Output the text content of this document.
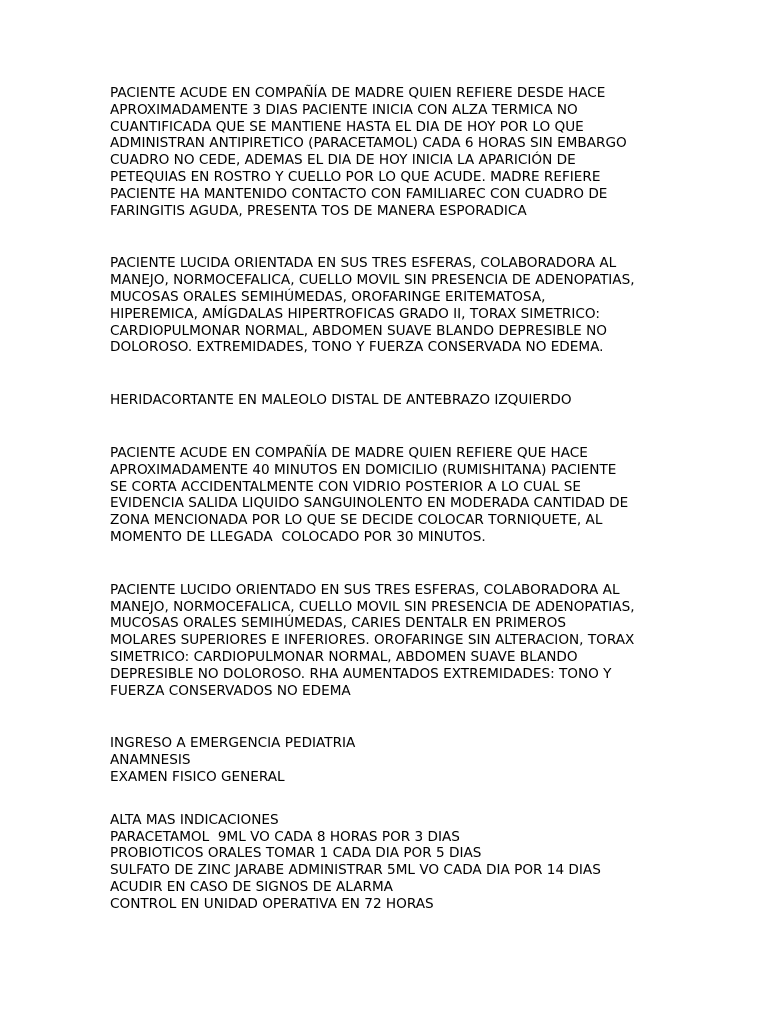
PACIENTE ACUDE EN COMPAÑÍA DE MADRE QUIEN REFIERE DESDE HACE
APROXIMADAMENTE 3 DIAS PACIENTE INICIA CON ALZA TERMICA NO
CUANTIFICADA QUE SE MANTIENE HASTA EL DIA DE HOY POR LO QUE
ADMINISTRAN ANTIPIRETICO (PARACETAMOL) CADA 6 HORAS SIN EMBARGO
CUADRO NO CEDE, ADEMAS EL DIA DE HOY INICIA LA APARICIÓN DE
PETEQUIAS EN ROSTRO Y CUELLO POR LO QUE ACUDE. MADRE REFIERE
PACIENTE HA MANTENIDO CONTACTO CON FAMILIAREC CON CUADRO DE
FARINGITIS AGUDA, PRESENTA TOS DE MANERA ESPORADICA
PACIENTE LUCIDA ORIENTADA EN SUS TRES ESFERAS, COLABORADORA AL
MANEJO, NORMOCEFALICA, CUELLO MOVIL SIN PRESENCIA DE ADENOPATIAS,
MUCOSAS ORALES SEMIHÚMEDAS, OROFARINGE ERITEMATOSA,
HIPEREMICA, AMÍGDALAS HIPERTROFICAS GRADO II, TORAX SIMETRICO:
CARDIOPULMONAR NORMAL, ABDOMEN SUAVE BLANDO DEPRESIBLE NO
DOLOROSO. EXTREMIDADES, TONO Y FUERZA CONSERVADA NO EDEMA.
HERIDACORTANTE EN MALEOLO DISTAL DE ANTEBRAZO IZQUIERDO
PACIENTE ACUDE EN COMPAÑÍA DE MADRE QUIEN REFIERE QUE HACE
APROXIMADAMENTE 40 MINUTOS EN DOMICILIO (RUMISHITANA) PACIENTE
SE CORTA ACCIDENTALMENTE CON VIDRIO POSTERIOR A LO CUAL SE
EVIDENCIA SALIDA LIQUIDO SANGUINOLENTO EN MODERADA CANTIDAD DE
ZONA MENCIONADA POR LO QUE SE DECIDE COLOCAR TORNIQUETE, AL
MOMENTO DE LLEGADA  COLOCADO POR 30 MINUTOS.
PACIENTE LUCIDO ORIENTADO EN SUS TRES ESFERAS, COLABORADORA AL
MANEJO, NORMOCEFALICA, CUELLO MOVIL SIN PRESENCIA DE ADENOPATIAS,
MUCOSAS ORALES SEMIHÚMEDAS, CARIES DENTALR EN PRIMEROS
MOLARES SUPERIORES E INFERIORES. OROFARINGE SIN ALTERACION, TORAX
SIMETRICO: CARDIOPULMONAR NORMAL, ABDOMEN SUAVE BLANDO
DEPRESIBLE NO DOLOROSO. RHA AUMENTADOS EXTREMIDADES: TONO Y
FUERZA CONSERVADOS NO EDEMA
INGRESO A EMERGENCIA PEDIATRIA
ANAMNESIS
EXAMEN FISICO GENERAL
ALTA MAS INDICACIONES
PARACETAMOL  9ML VO CADA 8 HORAS POR 3 DIAS
PROBIOTICOS ORALES TOMAR 1 CADA DIA POR 5 DIAS
SULFATO DE ZINC JARABE ADMINISTRAR 5ML VO CADA DIA POR 14 DIAS
ACUDIR EN CASO DE SIGNOS DE ALARMA
CONTROL EN UNIDAD OPERATIVA EN 72 HORAS
